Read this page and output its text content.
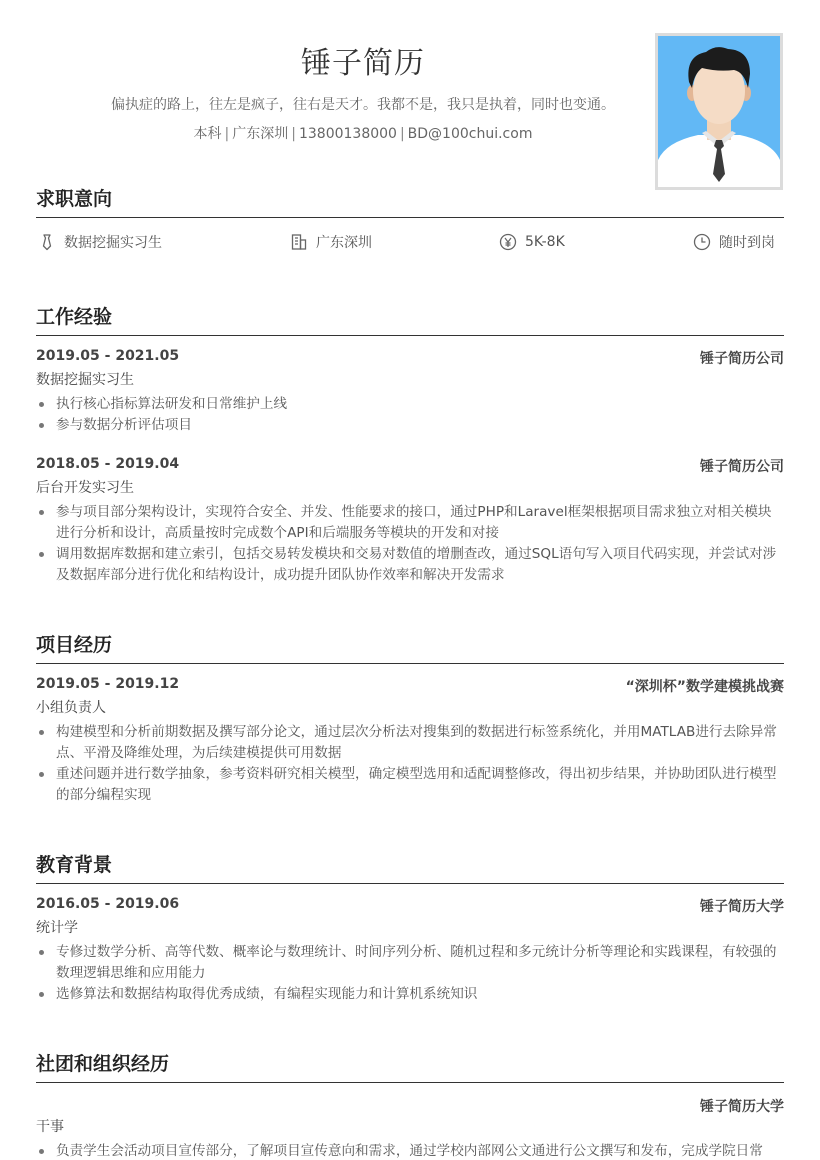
锤子简历
偏执症的路上，往左是疯子，往右是天才。我都不是，我只是执着，同时也变通。
本科 | 广东深圳 | 13800138000 | BD@100chui.com
求职意向
数据挖掘实习生	广东深圳	5K-8K	随时到岗
工作经验
2019.05 - 2021.05	锤子简历公司
数据挖掘实习生
执行核心指标算法研发和日常维护上线
参与数据分析评估项目
2018.05 - 2019.04	锤子简历公司
后台开发实习生
参与项目部分架构设计，实现符合安全、并发、性能要求的接口，通过PHP和Laravel框架根据项目需求独立对相关模块进行分析和设计，高质量按时完成数个API和后端服务等模块的开发和对接
调用数据库数据和建立索引，包括交易转发模块和交易对数值的增删查改，通过SQL语句写入项目代码实现，并尝试对涉及数据库部分进行优化和结构设计，成功提升团队协作效率和解决开发需求
项目经历
2019.05 - 2019.12	“深圳杯”数学建模挑战赛
小组负责人
构建模型和分析前期数据及撰写部分论文，通过层次分析法对搜集到的数据进行标签系统化，并用MATLAB进行去除异常点、平滑及降维处理，为后续建模提供可用数据
重述问题并进行数学抽象，参考资料研究相关模型，确定模型选用和适配调整修改，得出初步结果，并协助团队进行模型的部分编程实现
教育背景
2016.05 - 2019.06	锤子简历大学
统计学
专修过数学分析、高等代数、概率论与数理统计、时间序列分析、随机过程和多元统计分析等理论和实践课程，有较强的数理逻辑思维和应用能力
选修算法和数据结构取得优秀成绩，有编程实现能力和计算机系统知识
社团和组织经历
锤子简历大学
干事
负责学生会活动项目宣传部分，了解项目宣传意向和需求，通过学校内部网公文通进行公文撰写和发布，完成学院日常
